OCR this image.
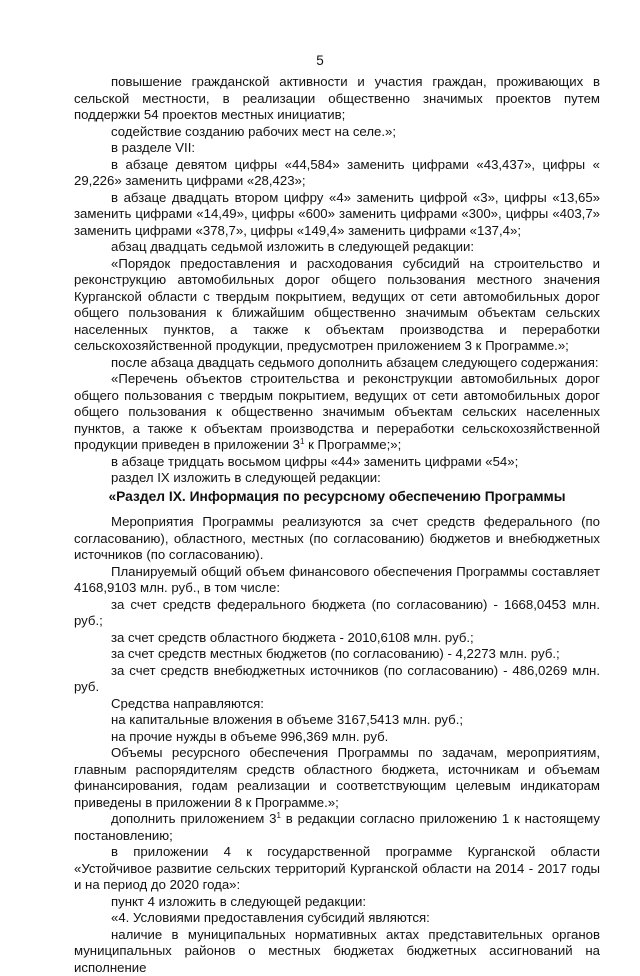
5

повышение гражданской активности и участия граждан, проживающих в сельской местности, в реализации общественно значимых проектов путем поддержки 54 проектов местных инициатив;

содействие созданию рабочих мест на селе.»;

в разделе VII:

в абзаце девятом цифры «44,584» заменить цифрами «43,437», цифры « 29,226» заменить цифрами «28,423»;

в абзаце двадцать втором цифру «4» заменить цифрой «3», цифры «13,65» заменить цифрами «14,49», цифры «600» заменить цифрами «300», цифры «403,7» заменить цифрами «378,7», цифры «149,4» заменить цифрами «137,4»;

абзац двадцать седьмой изложить в следующей редакции:

«Порядок предоставления и расходования субсидий на строительство и реконструкцию автомобильных дорог общего пользования местного значения Курганской области с твердым покрытием, ведущих от сети автомобильных дорог общего пользования к ближайшим общественно значимым объектам сельских населенных пунктов, а также к объектам производства и переработки сельскохозяйственной продукции, предусмотрен приложением 3 к Программе.»;

после абзаца двадцать седьмого дополнить абзацем следующего содержания:

«Перечень объектов строительства и реконструкции автомобильных дорог общего пользования с твердым покрытием, ведущих от сети автомобильных дорог общего пользования к общественно значимым объектам сельских населенных пунктов, а также к объектам производства и переработки сельскохозяйственной продукции приведен в приложении $3^1$ к Программе;»;

в абзаце тридцать восьмом цифры «44» заменить цифрами «54»;

раздел IX изложить в следующей редакции:

«Раздел IX. Информация по ресурсному обеспечению Программы

Мероприятия Программы реализуются за счет средств федерального (по согласованию), областного, местных (по согласованию) бюджетов и внебюджетных источников (по согласованию).

Планируемый общий объем финансового обеспечения Программы составляет 4168,9103 млн. руб., в том числе:

за счет средств федерального бюджета (по согласованию) - 1668,0453 млн. руб.;

за счет средств областного бюджета - 2010,6108 млн. руб.;

за счет средств местных бюджетов (по согласованию) - 4,2273 млн. руб.;

за счет средств внебюджетных источников (по согласованию) - 486,0269 млн. руб.

Средства направляются:

на капитальные вложения в объеме 3167,5413 млн. руб.;

на прочие нужды в объеме 996,369 млн. руб.

Объемы ресурсного обеспечения Программы по задачам, мероприятиям, главным распорядителям средств областного бюджета, источникам и объемам финансирования, годам реализации и соответствующим целевым индикаторам приведены в приложении 8 к Программе.»;

дополнить приложением $3^1$ в редакции согласно приложению 1 к настоящему постановлению;

в приложении 4 к государственной программе Курганской области «Устойчивое развитие сельских территорий Курганской области на 2014 - 2017 годы и на период до 2020 года»:

пункт 4 изложить в следующей редакции:

«4. Условиями предоставления субсидий являются:

наличие в муниципальных нормативных актах представительных органов муниципальных районов о местных бюджетах бюджетных ассигнований на исполнение
